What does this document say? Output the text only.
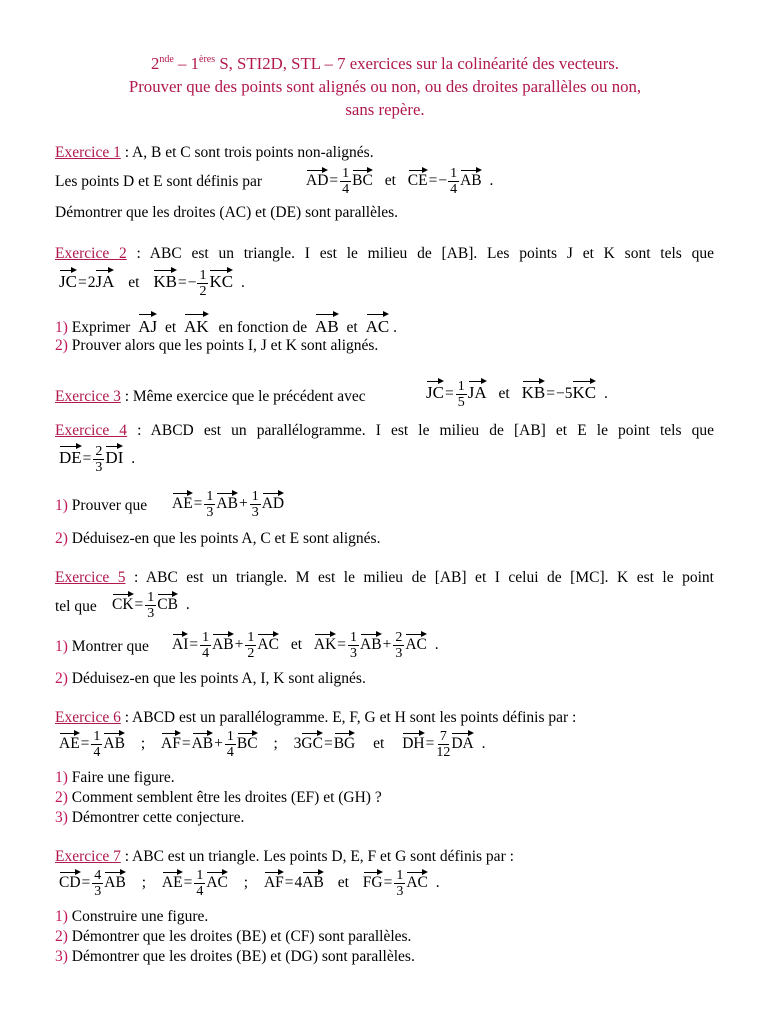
2nde – 1ères S, STI2D, STL – 7 exercices sur la colinéarité des vecteurs.
Prouver que des points sont alignés ou non, ou des droites parallèles ou non,
sans repère.
Exercice 1 : A, B et C sont trois points non-alignés.
Les points D et E sont définis par	$AD= \frac{1}{4}$ BC et $CE=- \frac{1}{4}$ AB .
Démontrer que les droites (AC) et (DE) sont parallèles.
Exercice 2 : ABC est un triangle. I est le milieu de [AB]. Les points J et K sont tels que
JC=2JA et $KB=- \frac{1}{2}$ KC .
1) Exprimer AJ et AK en fonction de AB et AC .
2) Prouver alors que les points I, J et K sont alignés.
Exercice 3 : Même exercice que le précédent avec	$JC= \frac{1}{5}$ JA et KB=−5KC .
Exercice 4 : ABCD est un parallélogramme. I est le milieu de [AB] et E le point tels que
$DE= \frac{2}{3}$ DI .
1) Prouver que $AE= \frac{1}{3} AB+ \frac{1}{3}$ AD
2) Déduisez-en que les points A, C et E sont alignés.
Exercice 5 : ABC est un triangle. M est le milieu de [AB] et I celui de [MC]. K est le point
tel que $CK= \frac{1}{3}$ CB .
1) Montrer que $AI= \frac{1}{4} AB+ \frac{1}{2}$ AC et $AK= \frac{1}{3} AB+ \frac{2}{3}$ AC .
2) Déduisez-en que les points A, I, K sont alignés.
Exercice 6 : ABCD est un parallélogramme. E, F, G et H sont les points définis par :
$AE= \frac{1}{4}$ AB ; $AF=AB+ \frac{1}{4}$ BC ; 3GC=BG et $DH= \frac{7}{12}$ DA .
1) Faire une figure.
2) Comment semblent être les droites (EF) et (GH) ?
3) Démontrer cette conjecture.
Exercice 7 : ABC est un triangle. Les points D, E, F et G sont définis par :
$CD= \frac{4}{3}$ AB ; $AE= \frac{1}{4}$ AC ; AF=4AB et $FG= \frac{1}{3}$ AC .
1) Construire une figure.
2) Démontrer que les droites (BE) et (CF) sont parallèles.
3) Démontrer que les droites (BE) et (DG) sont parallèles.
